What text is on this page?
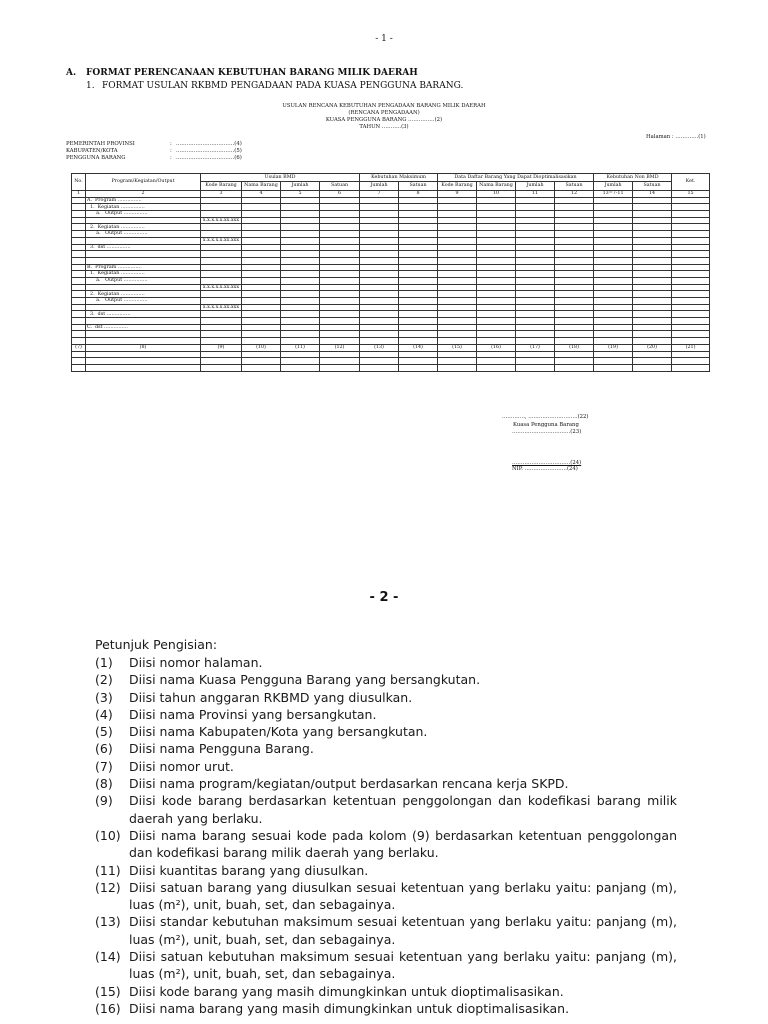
- 1 -
A. FORMAT PERENCANAAN KEBUTUHAN BARANG MILIK DAERAH
1. FORMAT USULAN RKBMD PENGADAAN PADA KUASA PENGGUNA BARANG.
USULAN RENCANA KEBUTUHAN PENGADAAN BARANG MILIK DAERAH
(RENCANA PENGADAAN)
KUASA PENGGUNA BARANG ……………(2)
TAHUN ………..(3)
Halaman : ………….(1)
PEMERINTAH PROVINSI	: ……………………………(4)
KABUPATEN/KOTA	: ……………………………(5)
PENGGUNA BARANG	: ……………………………(6)
No.	Program/Kegiatan/Output	Usulan BMD				Kebutuhan Maksimum		Data Daftar Barang Yang Dapat Dioptimalisasikan				Kebutuhan Non BMD		Ket.
		Kode Barang	Nama Barang	Jumlah	Satuan	Jumlah	Satuan	Kode Barang	Nama Barang	Jumlah	Satuan	Jumlah	Satuan	
1	2	3	4	5	6	7	8	9	10	11	12	13=7-11	14	15
	A.  Program ……………													
	1.  Kegiatan ……………													
	a.   Output ……………													
		x.x.x.x.x.xx.xxx												
	2.  Kegiatan ……………													
	a.   Output ……………													
		x.x.x.x.x.xx.xxx												
	3.  dst ……………													

	B.  Program ……………													
	1.  Kegiatan ……………													
	a.   Output ……………													
		x.x.x.x.x.xx.xxx												
	2.  Kegiatan ……………													
	a.   Output ……………													
		x.x.x.x.x.xx.xxx												
	3.  dst ……………													

	C.  dst ……………													

(7)	(8)	(9)	(10)	(11)	(12)	(13)	(14)	(15)	(16)	(17)	(18)	(19)	(20)	(21)

…………., ……………………….(22)
Kuasa Pengguna Barang
……………………………(23)
……………………………(24)
NIP. ……………………(24)
- 2 -
Petunjuk Pengisian:
(1)	Diisi nomor halaman.
(2)	Diisi nama Kuasa Pengguna Barang yang bersangkutan.
(3)	Diisi tahun anggaran RKBMD yang diusulkan.
(4)	Diisi nama Provinsi yang bersangkutan.
(5)	Diisi nama Kabupaten/Kota yang bersangkutan.
(6)	Diisi nama Pengguna Barang.
(7)	Diisi nomor urut.
(8)	Diisi nama program/kegiatan/output berdasarkan rencana kerja SKPD.
(9)	Diisi kode barang berdasarkan ketentuan penggolongan dan kodefikasi barang milik daerah yang berlaku.
(10) Diisi nama barang sesuai kode pada kolom (9) berdasarkan ketentuan penggolongan dan kodefikasi barang milik daerah yang berlaku.
(11) Diisi kuantitas barang yang diusulkan.
(12) Diisi satuan barang yang diusulkan sesuai ketentuan yang berlaku yaitu: panjang (m), luas (m²), unit, buah, set, dan sebagainya.
(13) Diisi standar kebutuhan maksimum sesuai ketentuan yang berlaku yaitu: panjang (m), luas (m²), unit, buah, set, dan sebagainya.
(14) Diisi satuan kebutuhan maksimum sesuai ketentuan yang berlaku yaitu: panjang (m), luas (m²), unit, buah, set, dan sebagainya.
(15) Diisi kode barang yang masih dimungkinkan untuk dioptimalisasikan.
(16) Diisi nama barang yang masih dimungkinkan untuk dioptimalisasikan.
